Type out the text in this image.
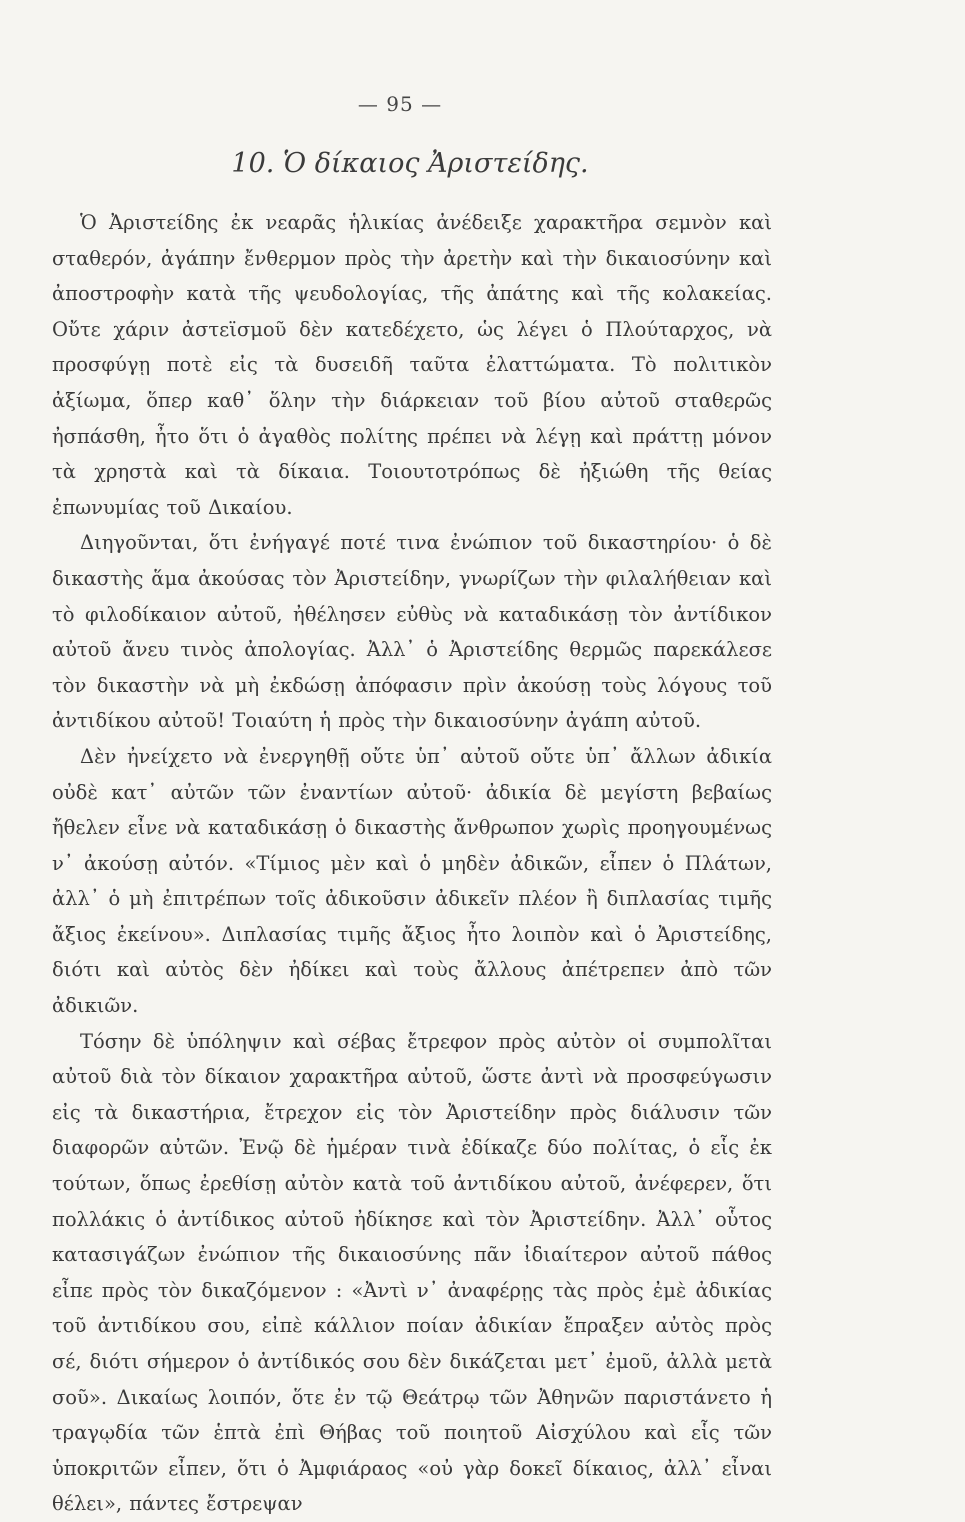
— 95 —
10. Ὁ δίκαιος Ἀριστείδης.

Ὁ Ἀριστείδης ἐκ νεαρᾶς ἡλικίας ἀνέδειξε χαρακτῆρα σεμνὸν καὶ σταθερόν, ἀγάπην ἔνθερμον πρὸς τὴν ἀρετὴν καὶ τὴν δικαιοσύνην καὶ ἀποστροφὴν κατὰ τῆς ψευδολογίας, τῆς ἀπάτης καὶ τῆς κολακείας. Οὔτε χάριν ἀστεϊσμοῦ δὲν κατεδέχετο, ὡς λέγει ὁ Πλούταρχος, νὰ προσφύγῃ ποτὲ εἰς τὰ δυσειδῆ ταῦτα ἐλαττώματα. Τὸ πολιτικὸν ἀξίωμα, ὅπερ καθ᾽ ὅλην τὴν διάρκειαν τοῦ βίου αὐτοῦ σταθερῶς ἠσπάσθη, ἦτο ὅτι ὁ ἀγαθὸς πολίτης πρέπει νὰ λέγῃ καὶ πράττῃ μόνον τὰ χρηστὰ καὶ τὰ δίκαια. Τοιουτοτρόπως δὲ ἠξιώθη τῆς θείας ἐπωνυμίας τοῦ Δικαίου.

Διηγοῦνται, ὅτι ἐνήγαγέ ποτέ τινα ἐνώπιον τοῦ δικαστηρίου· ὁ δὲ δικαστὴς ἅμα ἀκούσας τὸν Ἀριστείδην, γνωρίζων τὴν φιλαλήθειαν καὶ τὸ φιλοδίκαιον αὐτοῦ, ἠθέλησεν εὐθὺς νὰ καταδικάσῃ τὸν ἀντίδικον αὐτοῦ ἄνευ τινὸς ἀπολογίας. Ἀλλ᾽ ὁ Ἀριστείδης θερμῶς παρεκάλεσε τὸν δικαστὴν νὰ μὴ ἐκδώσῃ ἀπόφασιν πρὶν ἀκούσῃ τοὺς λόγους τοῦ ἀντιδίκου αὐτοῦ! Τοιαύτη ἡ πρὸς τὴν δικαιοσύνην ἀγάπη αὐτοῦ.

Δὲν ἠνείχετο νὰ ἐνεργηθῇ οὔτε ὑπ᾽ αὐτοῦ οὔτε ὑπ᾽ ἄλλων ἀδικία οὐδὲ κατ᾽ αὐτῶν τῶν ἐναντίων αὐτοῦ· ἀδικία δὲ μεγίστη βεβαίως ἤθελεν εἶνε νὰ καταδικάσῃ ὁ δικαστὴς ἄνθρωπον χωρὶς προηγουμένως ν᾽ ἀκούσῃ αὐτόν. «Τίμιος μὲν καὶ ὁ μηδὲν ἀδικῶν, εἶπεν ὁ Πλάτων, ἀλλ᾽ ὁ μὴ ἐπιτρέπων τοῖς ἀδικοῦσιν ἀδικεῖν πλέον ἢ διπλασίας τιμῆς ἄξιος ἐκείνου». Διπλασίας τιμῆς ἄξιος ἦτο λοιπὸν καὶ ὁ Ἀριστείδης, διότι καὶ αὐτὸς δὲν ἠδίκει καὶ τοὺς ἄλλους ἀπέτρεπεν ἀπὸ τῶν ἀδικιῶν.

Τόσην δὲ ὑπόληψιν καὶ σέβας ἔτρεφον πρὸς αὐτὸν οἱ συμπολῖται αὐτοῦ διὰ τὸν δίκαιον χαρακτῆρα αὐτοῦ, ὥστε ἀντὶ νὰ προσφεύγωσιν εἰς τὰ δικαστήρια, ἔτρεχον εἰς τὸν Ἀριστείδην πρὸς διάλυσιν τῶν διαφορῶν αὐτῶν. Ἐνῷ δὲ ἡμέραν τινὰ ἐδίκαζε δύο πολίτας, ὁ εἷς ἐκ τούτων, ὅπως ἐρεθίσῃ αὐτὸν κατὰ τοῦ ἀντιδίκου αὐτοῦ, ἀνέφερεν, ὅτι πολλάκις ὁ ἀντίδικος αὐτοῦ ἠδίκησε καὶ τὸν Ἀριστείδην. Ἀλλ᾽ οὗτος κατασιγάζων ἐνώπιον τῆς δικαιοσύνης πᾶν ἰδιαίτερον αὐτοῦ πάθος εἶπε πρὸς τὸν δικαζόμενον : «Ἀντὶ ν᾽ ἀναφέρῃς τὰς πρὸς ἐμὲ ἀδικίας τοῦ ἀντιδίκου σου, εἰπὲ κάλλιον ποίαν ἀδικίαν ἔπραξεν αὐτὸς πρὸς σέ, διότι σήμερον ὁ ἀντίδικός σου δὲν δικάζεται μετ᾽ ἐμοῦ, ἀλλὰ μετὰ σοῦ». Δικαίως λοιπόν, ὅτε ἐν τῷ Θεάτρῳ τῶν Ἀθηνῶν παριστάνετο ἡ τραγῳδία τῶν ἑπτὰ ἐπὶ Θήβας τοῦ ποιητοῦ Αἰσχύλου καὶ εἷς τῶν ὑποκριτῶν εἶπεν, ὅτι ὁ Ἀμφιάραος «οὐ γὰρ δοκεῖ δίκαιος, ἀλλ᾽ εἶναι θέλει», πάντες ἔστρεψαν
